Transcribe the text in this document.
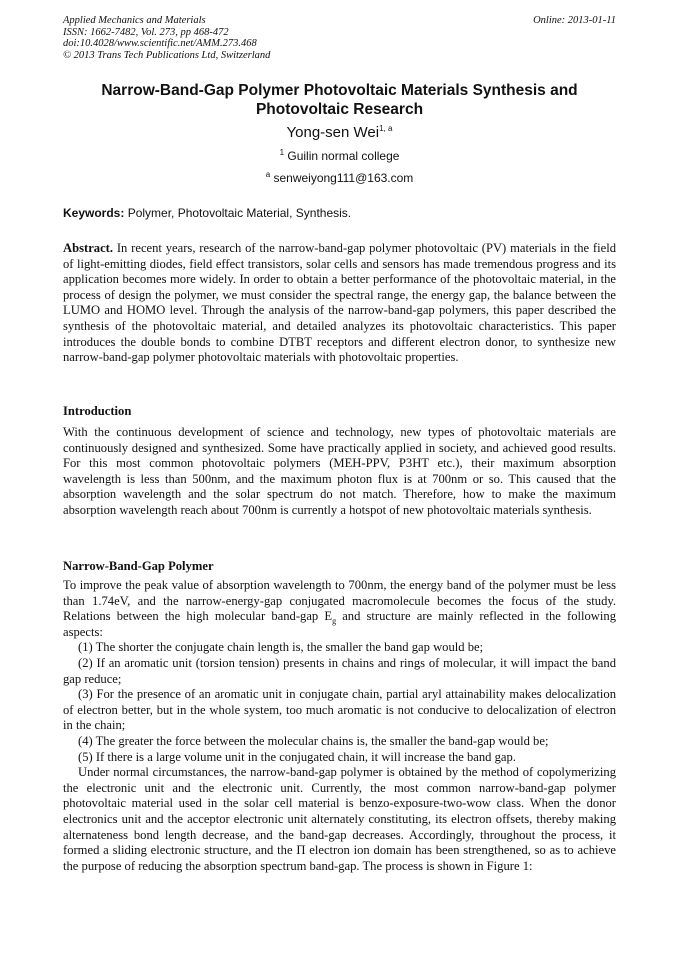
Applied Mechanics and Materials
ISSN: 1662-7482, Vol. 273, pp 468-472
doi:10.4028/www.scientific.net/AMM.273.468
© 2013 Trans Tech Publications Ltd, Switzerland
Online: 2013-01-11
Narrow-Band-Gap Polymer Photovoltaic Materials Synthesis and
Photovoltaic Research
Yong-sen Wei$^{1, a}$
$^1$ Guilin normal college
$^a$ senweiyong111@163.com
Keywords: Polymer, Photovoltaic Material, Synthesis.
Abstract. In recent years, research of the narrow-band-gap polymer photovoltaic (PV) materials in the field of light-emitting diodes, field effect transistors, solar cells and sensors has made tremendous progress and its application becomes more widely. In order to obtain a better performance of the photovoltaic material, in the process of design the polymer, we must consider the spectral range, the energy gap, the balance between the LUMO and HOMO level. Through the analysis of the narrow-band-gap polymers, this paper described the synthesis of the photovoltaic material, and detailed analyzes its photovoltaic characteristics. This paper introduces the double bonds to combine DTBT receptors and different electron donor, to synthesize new narrow-band-gap polymer photovoltaic materials with photovoltaic properties.
Introduction
With the continuous development of science and technology, new types of photovoltaic materials are continuously designed and synthesized. Some have practically applied in society, and achieved good results. For this most common photovoltaic polymers (MEH-PPV, P3HT etc.), their maximum absorption wavelength is less than 500nm, and the maximum photon flux is at 700nm or so. This caused that the absorption wavelength and the solar spectrum do not match. Therefore, how to make the maximum absorption wavelength reach about 700nm is currently a hotspot of new photovoltaic materials synthesis.
Narrow-Band-Gap Polymer

To improve the peak value of absorption wavelength to 700nm, the energy band of the polymer must be less than 1.74eV, and the narrow-energy-gap conjugated macromolecule becomes the focus of the study. Relations between the high molecular band-gap $E_g$ and structure are mainly reflected in the following aspects:

(1) The shorter the conjugate chain length is, the smaller the band gap would be;

(2) If an aromatic unit (torsion tension) presents in chains and rings of molecular, it will impact the band gap reduce;

(3) For the presence of an aromatic unit in conjugate chain, partial aryl attainability makes delocalization of electron better, but in the whole system, too much aromatic is not conducive to delocalization of electron in the chain;

(4) The greater the force between the molecular chains is, the smaller the band-gap would be;

(5) If there is a large volume unit in the conjugated chain, it will increase the band gap.

Under normal circumstances, the narrow-band-gap polymer is obtained by the method of copolymerizing the electronic unit and the electronic unit. Currently, the most common narrow-band-gap polymer photovoltaic material used in the solar cell material is benzo-exposure-two-wow class. When the donor electronics unit and the acceptor electronic unit alternately constituting, its electron offsets, thereby making alternateness bond length decrease, and the band-gap decreases. Accordingly, throughout the process, it formed a sliding electronic structure, and the Π electron ion domain has been strengthened, so as to achieve the purpose of reducing the absorption spectrum band-gap. The process is shown in Figure 1:
